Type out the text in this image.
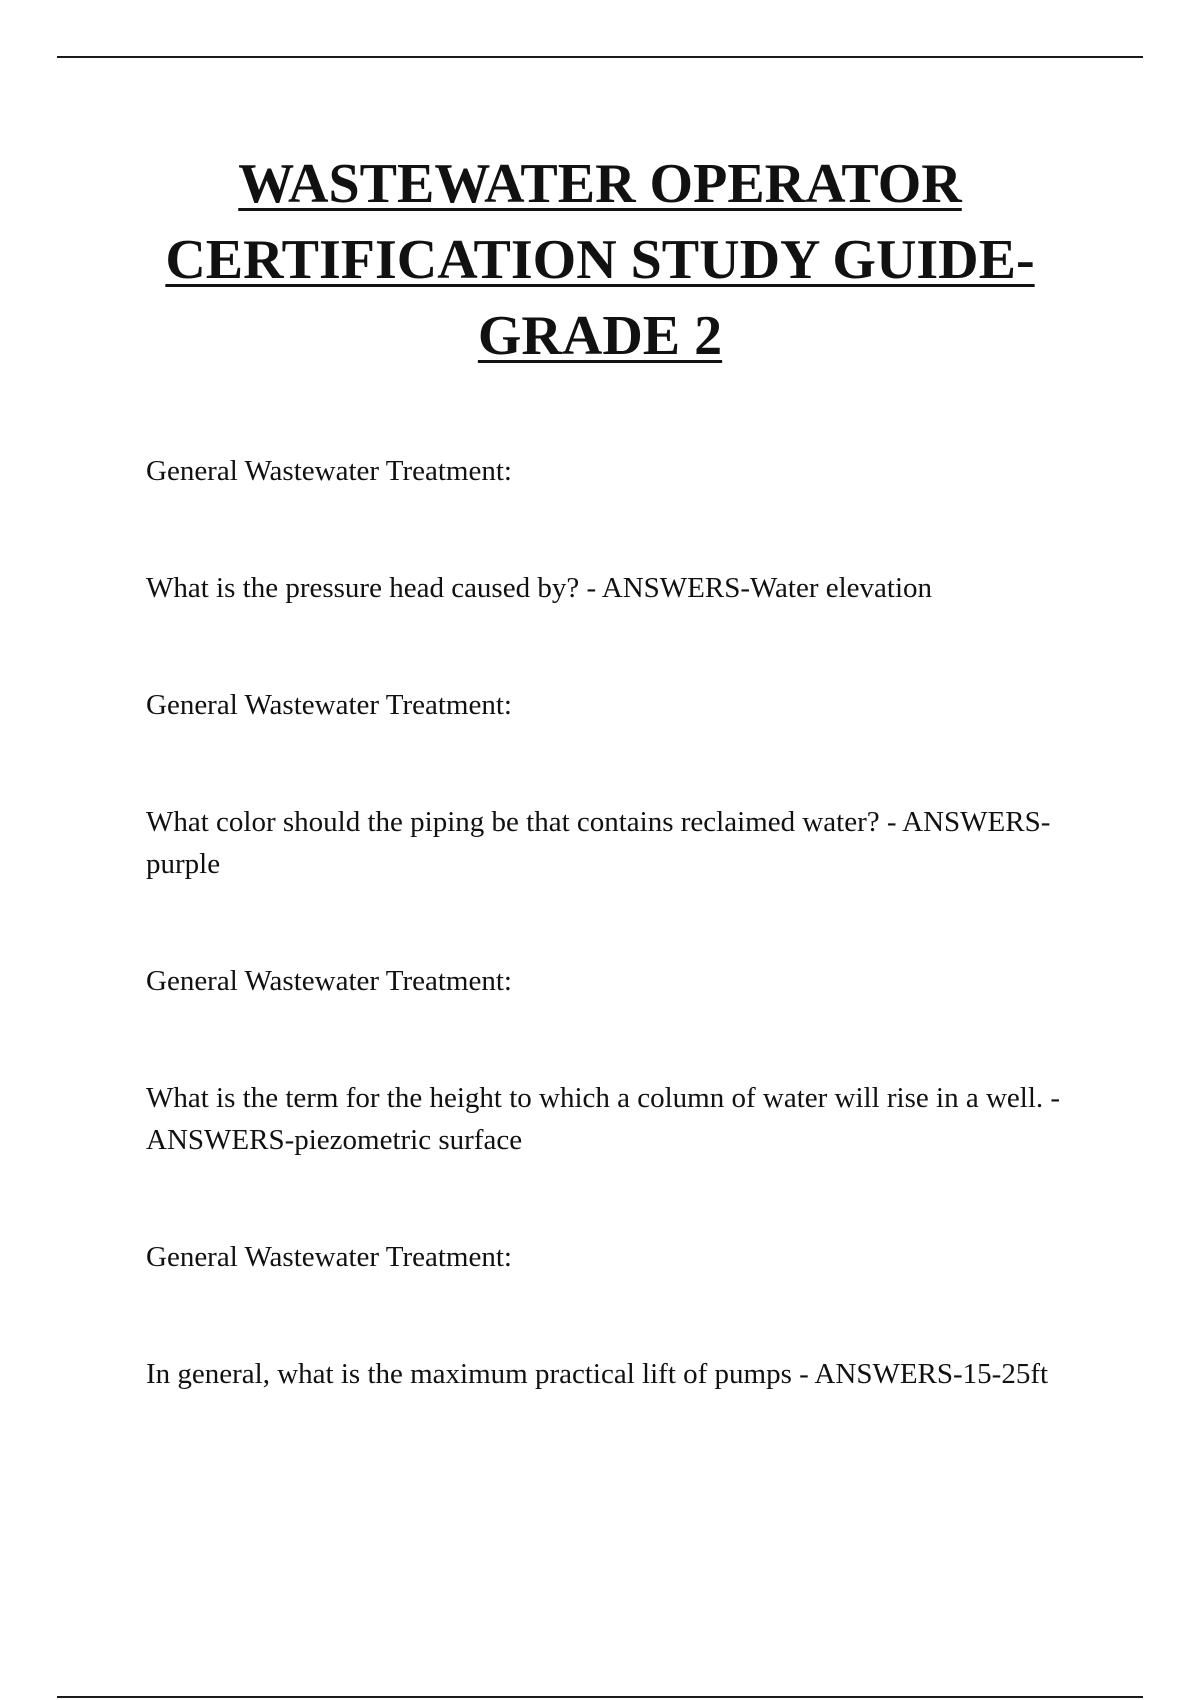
WASTEWATER OPERATOR
CERTIFICATION STUDY GUIDE-
GRADE 2

General Wastewater Treatment:

What is the pressure head caused by? - ANSWERS-Water elevation

General Wastewater Treatment:

What color should the piping be that contains reclaimed water? - ANSWERS-purple

General Wastewater Treatment:

What is the term for the height to which a column of water will rise in a well. - ANSWERS-piezometric surface

General Wastewater Treatment:

In general, what is the maximum practical lift of pumps - ANSWERS-15-25ft
